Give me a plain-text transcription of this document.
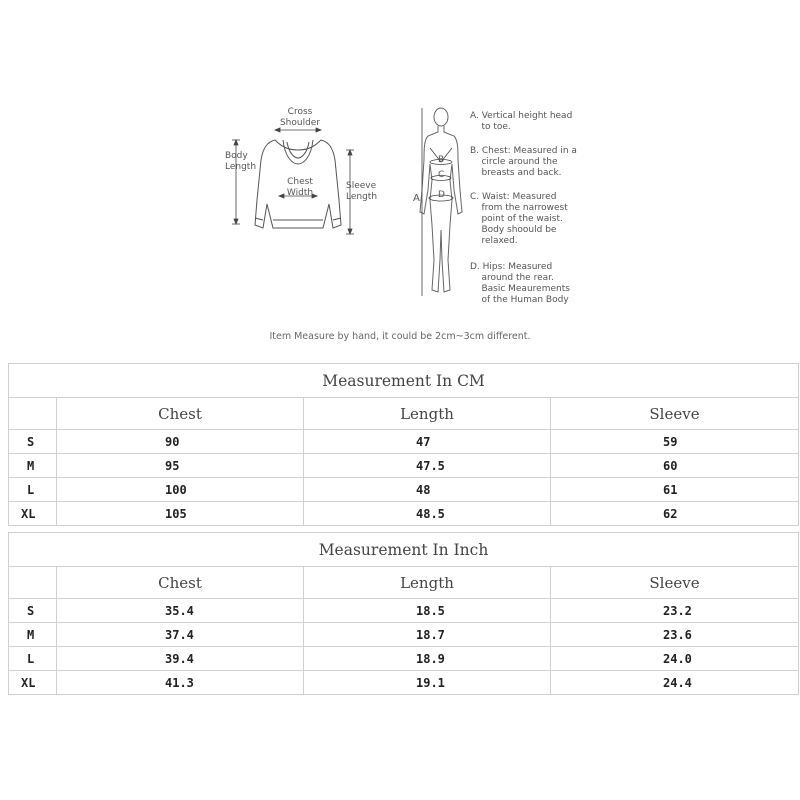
Cross
Shoulder
Body
Length
Chest
Width
Sleeve
Length	A
B
C
D
A. Vertical height head
to toe.
B. Chest: Measured in a
circle around the
breasts and back.
C. Waist: Measured
from the narrowest
point of the waist.
Body shoould be
relaxed.
D. Hips: Measured
around the rear.
Basic Meaurements
of the Human Body
Item Measure by hand, it could be 2cm~3cm different.
Measurement In CM			
	Chest	Length	Sleeve
S	90	47	59
M	95	47.5	60
L	100	48	61
XL	105	48.5	62
Measurement In Inch			
	Chest	Length	Sleeve
S	35.4	18.5	23.2
M	37.4	18.7	23.6
L	39.4	18.9	24.0
XL	41.3	19.1	24.4
